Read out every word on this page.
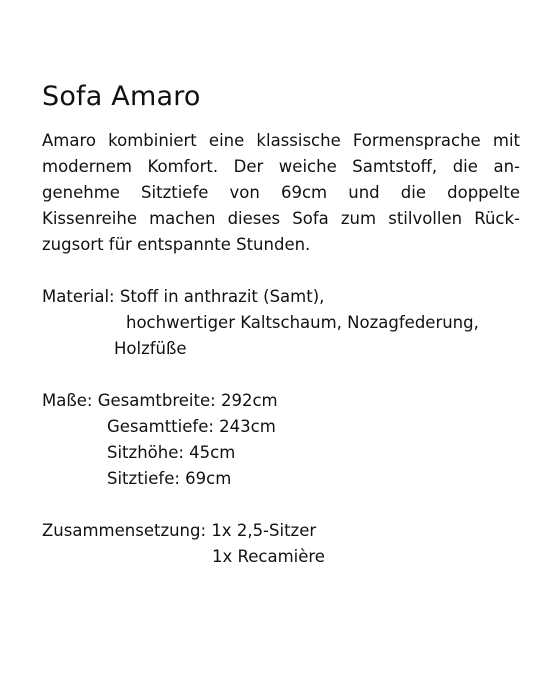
Sofa Amaro

Amaro kombiniert eine klassische Formensprache mit
modernem Komfort. Der weiche Samtstoff, die an-
genehme Sitztiefe von 69cm und die doppelte
Kissenreihe machen dieses Sofa zum stilvollen Rück-
zugsort für entspannte Stunden.

Material: Stoff in anthrazit (Samt),
hochwertiger Kaltschaum, Nozagfederung,
Holzfüße
Maße: Gesamtbreite: 292cm
Gesamttiefe: 243cm
Sitzhöhe: 45cm
Sitztiefe: 69cm
Zusammensetzung: 1x 2,5-Sitzer
1x Recamière
